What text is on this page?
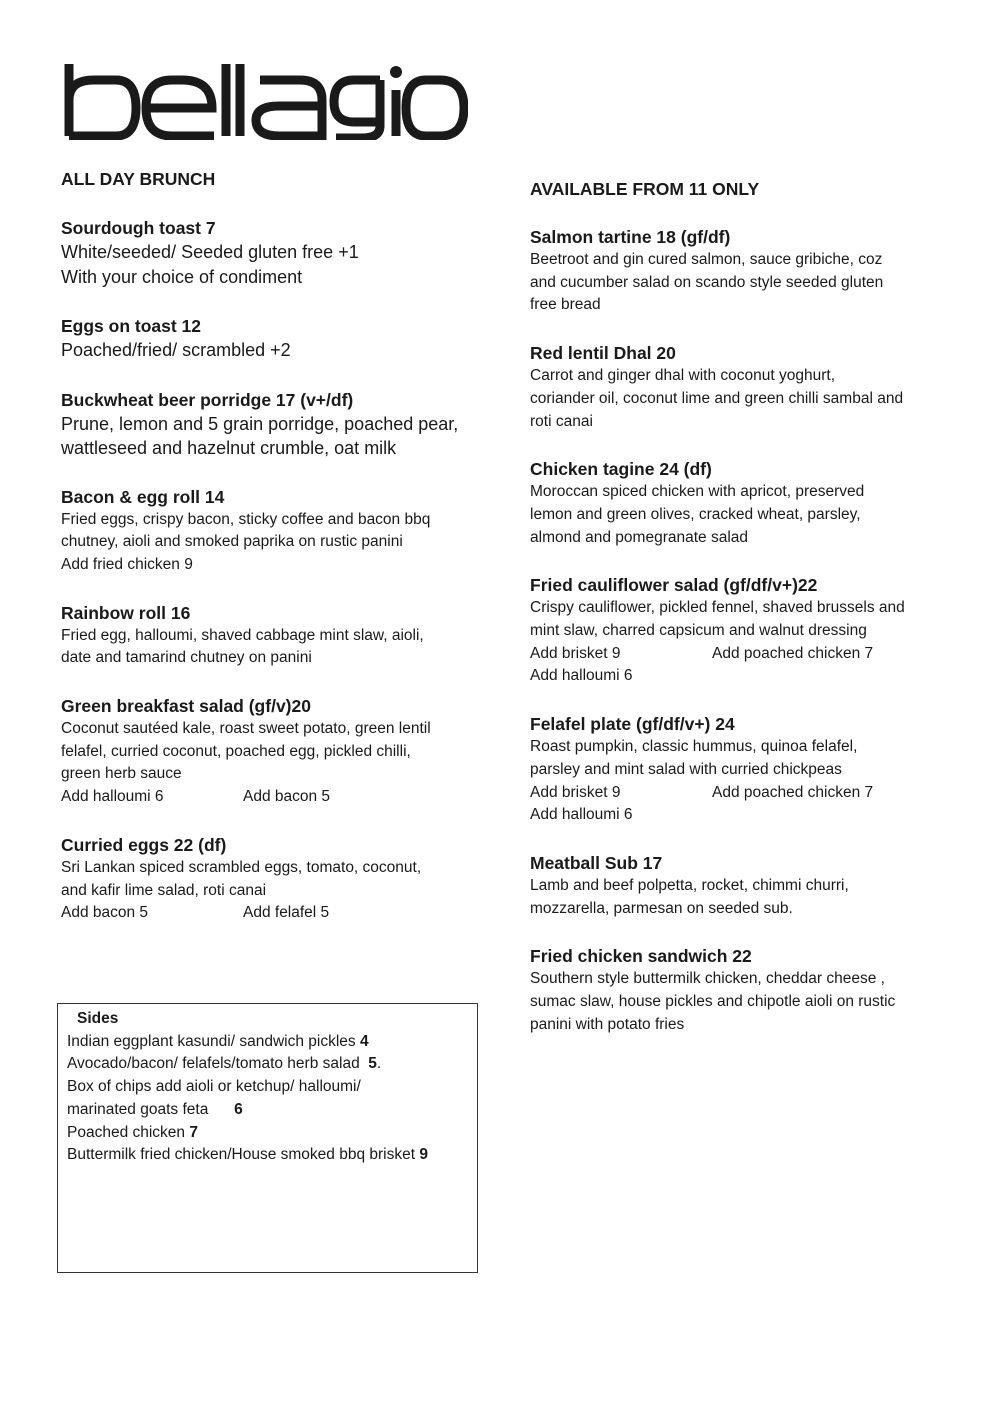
bellagio

ALL DAY BRUNCH

Sourdough toast 7

White/seeded/ Seeded gluten free +1

With your choice of condiment

Eggs on toast 12

Poached/fried/ scrambled +2

Buckwheat beer porridge 17 (v+/df)

Prune, lemon and 5 grain porridge, poached pear,

wattleseed and hazelnut crumble, oat milk

Bacon & egg roll 14

Fried eggs, crispy bacon, sticky coffee and bacon bbq

chutney, aioli and smoked paprika on rustic panini

Add fried chicken 9

Rainbow roll 16

Fried egg, halloumi, shaved cabbage mint slaw, aioli,

date and tamarind chutney on panini

Green breakfast salad (gf/v)20

Coconut sautéed kale, roast sweet potato, green lentil

felafel, curried coconut, poached egg, pickled chilli,

green herb sauce

Add halloumi 6	Add bacon 5

Curried eggs 22 (df)

Sri Lankan spiced scrambled eggs, tomato, coconut,

and kafir lime salad, roti canai

Add bacon 5	Add felafel 5

AVAILABLE FROM 11 ONLY

Salmon tartine 18 (gf/df)

Beetroot and gin cured salmon, sauce gribiche, coz

and cucumber salad on scando style seeded gluten

free bread

Red lentil Dhal 20

Carrot and ginger dhal with coconut yoghurt,

coriander oil, coconut lime and green chilli sambal and

roti canai

Chicken tagine 24 (df)

Moroccan spiced chicken with apricot, preserved

lemon and green olives, cracked wheat, parsley,

almond and pomegranate salad

Fried cauliflower salad (gf/df/v+)22

Crispy cauliflower, pickled fennel, shaved brussels and

mint slaw, charred capsicum and walnut dressing

Add brisket 9	Add poached chicken 7

Add halloumi 6

Felafel plate (gf/df/v+) 24

Roast pumpkin, classic hummus, quinoa felafel,

parsley and mint salad with curried chickpeas

Add brisket 9	Add poached chicken 7

Add halloumi 6

Meatball Sub 17

Lamb and beef polpetta, rocket, chimmi churri,

mozzarella, parmesan on seeded sub.

Fried chicken sandwich 22

Southern style buttermilk chicken, cheddar cheese ,

sumac slaw, house pickles and chipotle aioli on rustic

panini with potato fries

Sides
Indian eggplant kasundi/ sandwich pickles 4
Avocado/bacon/ felafels/tomato herb salad  5.
Box of chips add aioli or ketchup/ halloumi/
marinated goats feta      6
Poached chicken 7
Buttermilk fried chicken/House smoked bbq brisket 9
